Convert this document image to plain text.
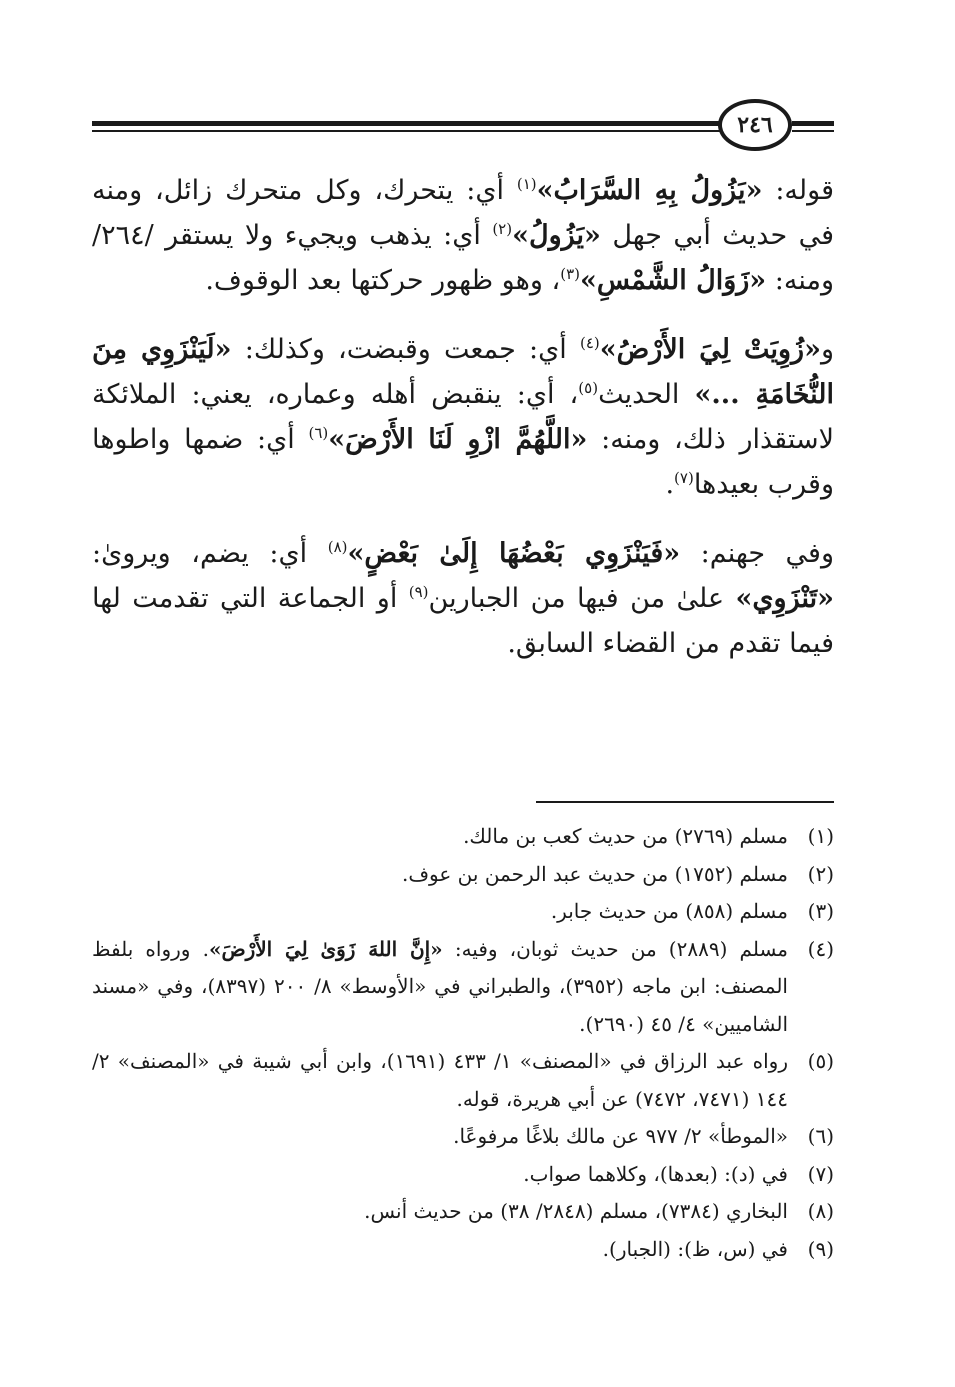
٢٤٦

قوله: «يَزُولُ بِهِ السَّرَابُ»$^{(١)}$ أي: يتحرك، وكل متحرك زائل، ومنه في حديث أبي جهل «يَزُولُ»$^{(٢)}$ أي: يذهب ويجيء ولا يستقر /٢٦٤/ ومنه: «زَوَالُ الشَّمْسِ»$^{(٣)}$، وهو ظهور حركتها بعد الوقوف.

و«زُوِيَتْ لِيَ الأَرْضُ»$^{(٤)}$ أي: جمعت وقبضت، وكذلك: «لَيَنْزَوِي مِنَ النُّخَامَةِ ...» الحديث$^{(٥)}$، أي: ينقبض أهله وعماره، يعني: الملائكة لاستقذار ذلك، ومنه: «اللَّهُمَّ ازْوِ لَنَا الأَرْضَ»$^{(٦)}$ أي: ضمها واطوها وقرب بعيدها$^{(٧)}$.

وفي جهنم: «فَيَنْزَوِي بَعْضُهَا إِلَىٰ بَعْضٍ»$^{(٨)}$ أي: يضم، ويروىٰ: «تَنْزَوِي» علىٰ من فيها من الجبارين$^{(٩)}$ أو الجماعة التي تقدمت لها فيما تقدم من القضاء السابق.

(١)
مسلم (٢٧٦٩) من حديث كعب بن مالك.
(٢)
مسلم (١٧٥٢) من حديث عبد الرحمن بن عوف.
(٣)
مسلم (٨٥٨) من حديث جابر.
(٤)
مسلم (٢٨٨٩) من حديث ثوبان، وفيه: «إِنَّ اللهَ زَوَىٰ لِيَ الأَرْضَ». ورواه بلفظ المصنف: ابن ماجه (٣٩٥٢)، والطبراني في «الأوسط» ٨/ ٢٠٠ (٨٣٩٧)، وفي «مسند الشاميين» ٤/ ٤٥ (٢٦٩٠).
(٥)
رواه عبد الرزاق في «المصنف» ١/ ٤٣٣ (١٦٩١)، وابن أبي شيبة في «المصنف» ٢/ ١٤٤ (٧٤٧١، ٧٤٧٢) عن أبي هريرة، قوله.
(٦)
«الموطأ» ٢/ ٩٧٧ عن مالك بلاغًا مرفوعًا.
(٧)
في (د): (بعدها)، وكلاهما صواب.
(٨)
البخاري (٧٣٨٤)، مسلم (٢٨٤٨/ ٣٨) من حديث أنس.
(٩)
في (س، ظ): (الجبار).
